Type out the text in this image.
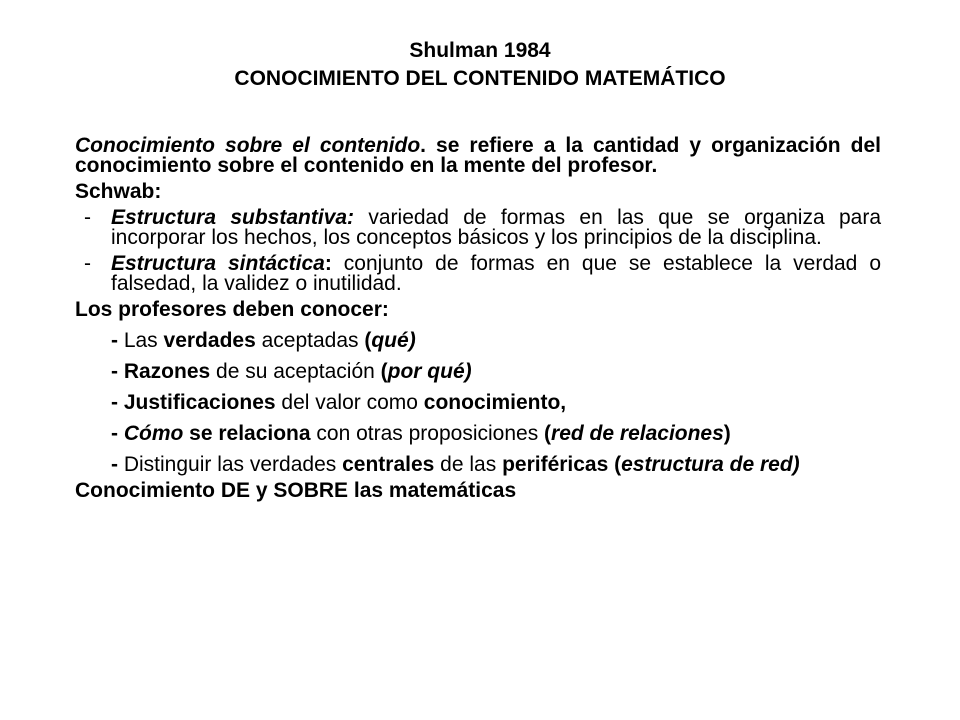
Shulman 1984
CONOCIMIENTO DEL CONTENIDO MATEMÁTICO
Conocimiento sobre el contenido. se refiere a la cantidad y organización del conocimiento sobre el contenido en la mente del profesor.
Schwab:
- Estructura substantiva: variedad de formas en las que se organiza para incorporar los hechos, los conceptos básicos y los principios de la disciplina.
- Estructura sintáctica: conjunto de formas en que se establece la verdad o falsedad, la validez o inutilidad.
Los profesores deben conocer:
- Las verdades aceptadas (qué)
- Razones de su aceptación (por qué)
- Justificaciones del valor como conocimiento,
- Cómo se relaciona con otras proposiciones (red de relaciones)
- Distinguir las verdades centrales de las periféricas (estructura de red)
Conocimiento DE y SOBRE las matemáticas
